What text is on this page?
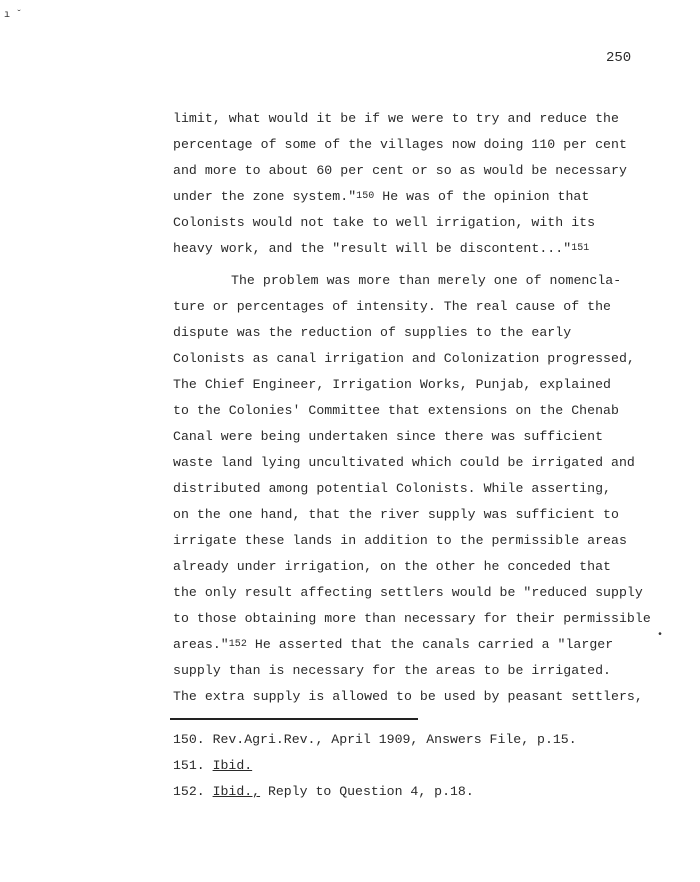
250
limit, what would it be if we were to try and reduce the
percentage of some of the villages now doing 110 per cent
and more to about 60 per cent or so as would be necessary
under the zone system."$^{150}$ He was of the opinion that
Colonists would not take to well irrigation, with its
heavy work, and the "result will be discontent..."$^{151}$
The problem was more than merely one of nomencla-
ture or percentages of intensity. The real cause of the
dispute was the reduction of supplies to the early
Colonists as canal irrigation and Colonization progressed,
The Chief Engineer, Irrigation Works, Punjab, explained
to the Colonies' Committee that extensions on the Chenab
Canal were being undertaken since there was sufficient
waste land lying uncultivated which could be irrigated and
distributed among potential Colonists. While asserting,
on the one hand, that the river supply was sufficient to
irrigate these lands in addition to the permissible areas
already under irrigation, on the other he conceded that
the only result affecting settlers would be "reduced supply
to those obtaining more than necessary for their permissible
areas."$^{152}$ He asserted that the canals carried a "larger
supply than is necessary for the areas to be irrigated.
The extra supply is allowed to be used by peasant settlers,
150. Rev.Agri.Rev., April 1909, Answers File, p.15.
151. Ibid.
152. Ibid., Reply to Question 4, p.18.
ı ˇ
•
